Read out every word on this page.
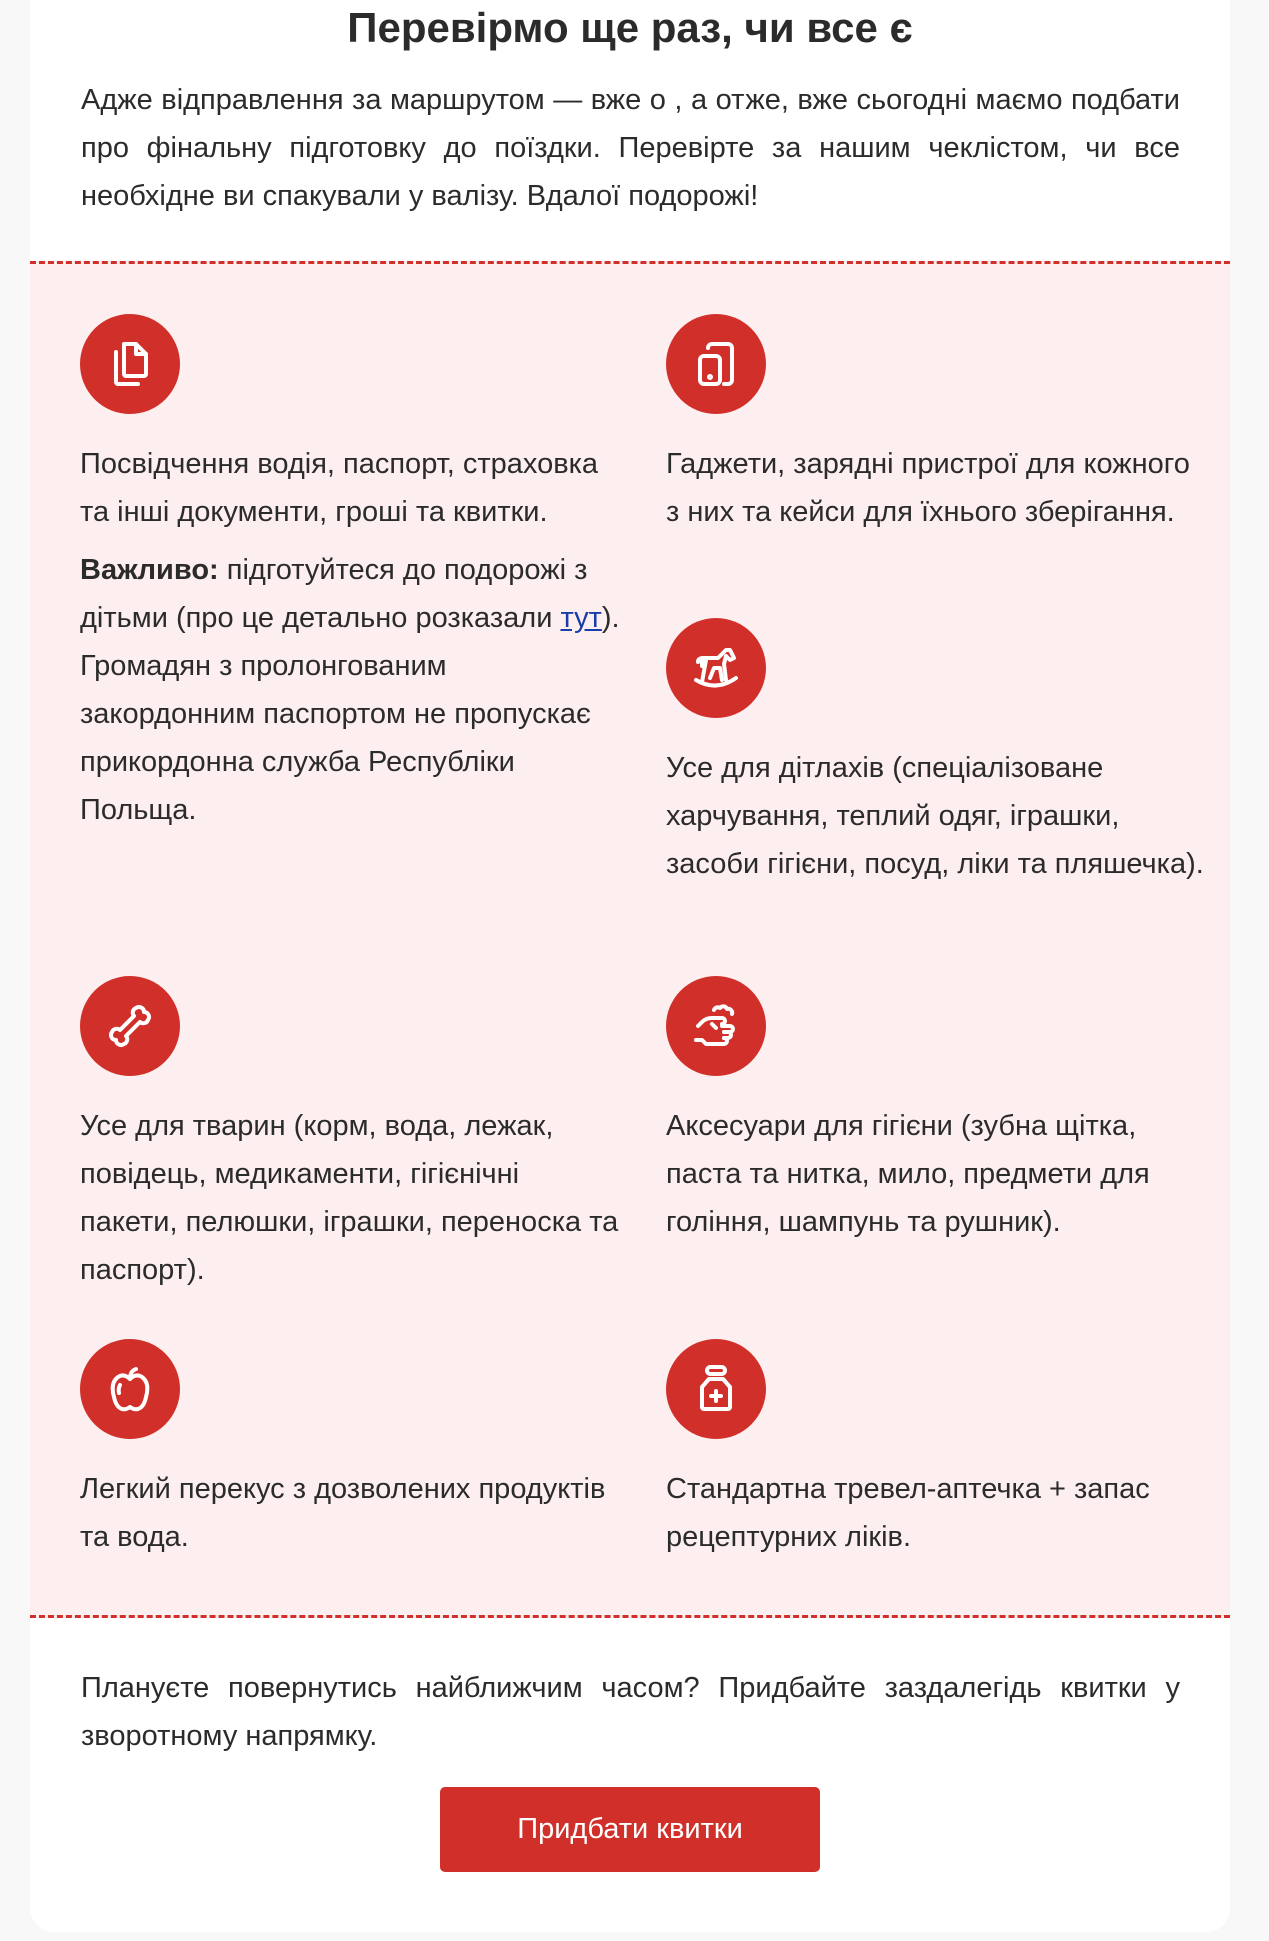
Перевірмо ще раз, чи все є

Адже відправлення за маршрутом — вже о , а отже, вже сьогодні маємо подбати про фінальну підготовку до поїздки. Перевірте за нашим чеклістом, чи все необхідне ви спакували у валізу. Вдалої подорожі!

Посвідчення водія, паспорт, страховка та інші документи, гроші та квитки.

Важливо: підготуйтеся до подорожі з дітьми (про це детально розказали тут). Громадян з пролонгованим закордонним паспортом не пропускає прикордонна служба Республіки Польща.

Гаджети, зарядні пристрої для кожного з них та кейси для їхнього зберігання.

Усе для дітлахів (спеціалізоване харчування, теплий одяг, іграшки, засоби гігієни, посуд, ліки та пляшечка).

Усе для тварин (корм, вода, лежак, повідець, медикаменти, гігієнічні пакети, пелюшки, іграшки, переноска та паспорт).

Аксесуари для гігієни (зубна щітка, паста та нитка, мило, предмети для гоління, шампунь та рушник).

Легкий перекус з дозволених продуктів та вода.

Стандартна тревел-аптечка + запас рецептурних ліків.

Плануєте повернутись найближчим часом? Придбайте заздалегідь квитки у зворотному напрямку.

Придбати квитки
